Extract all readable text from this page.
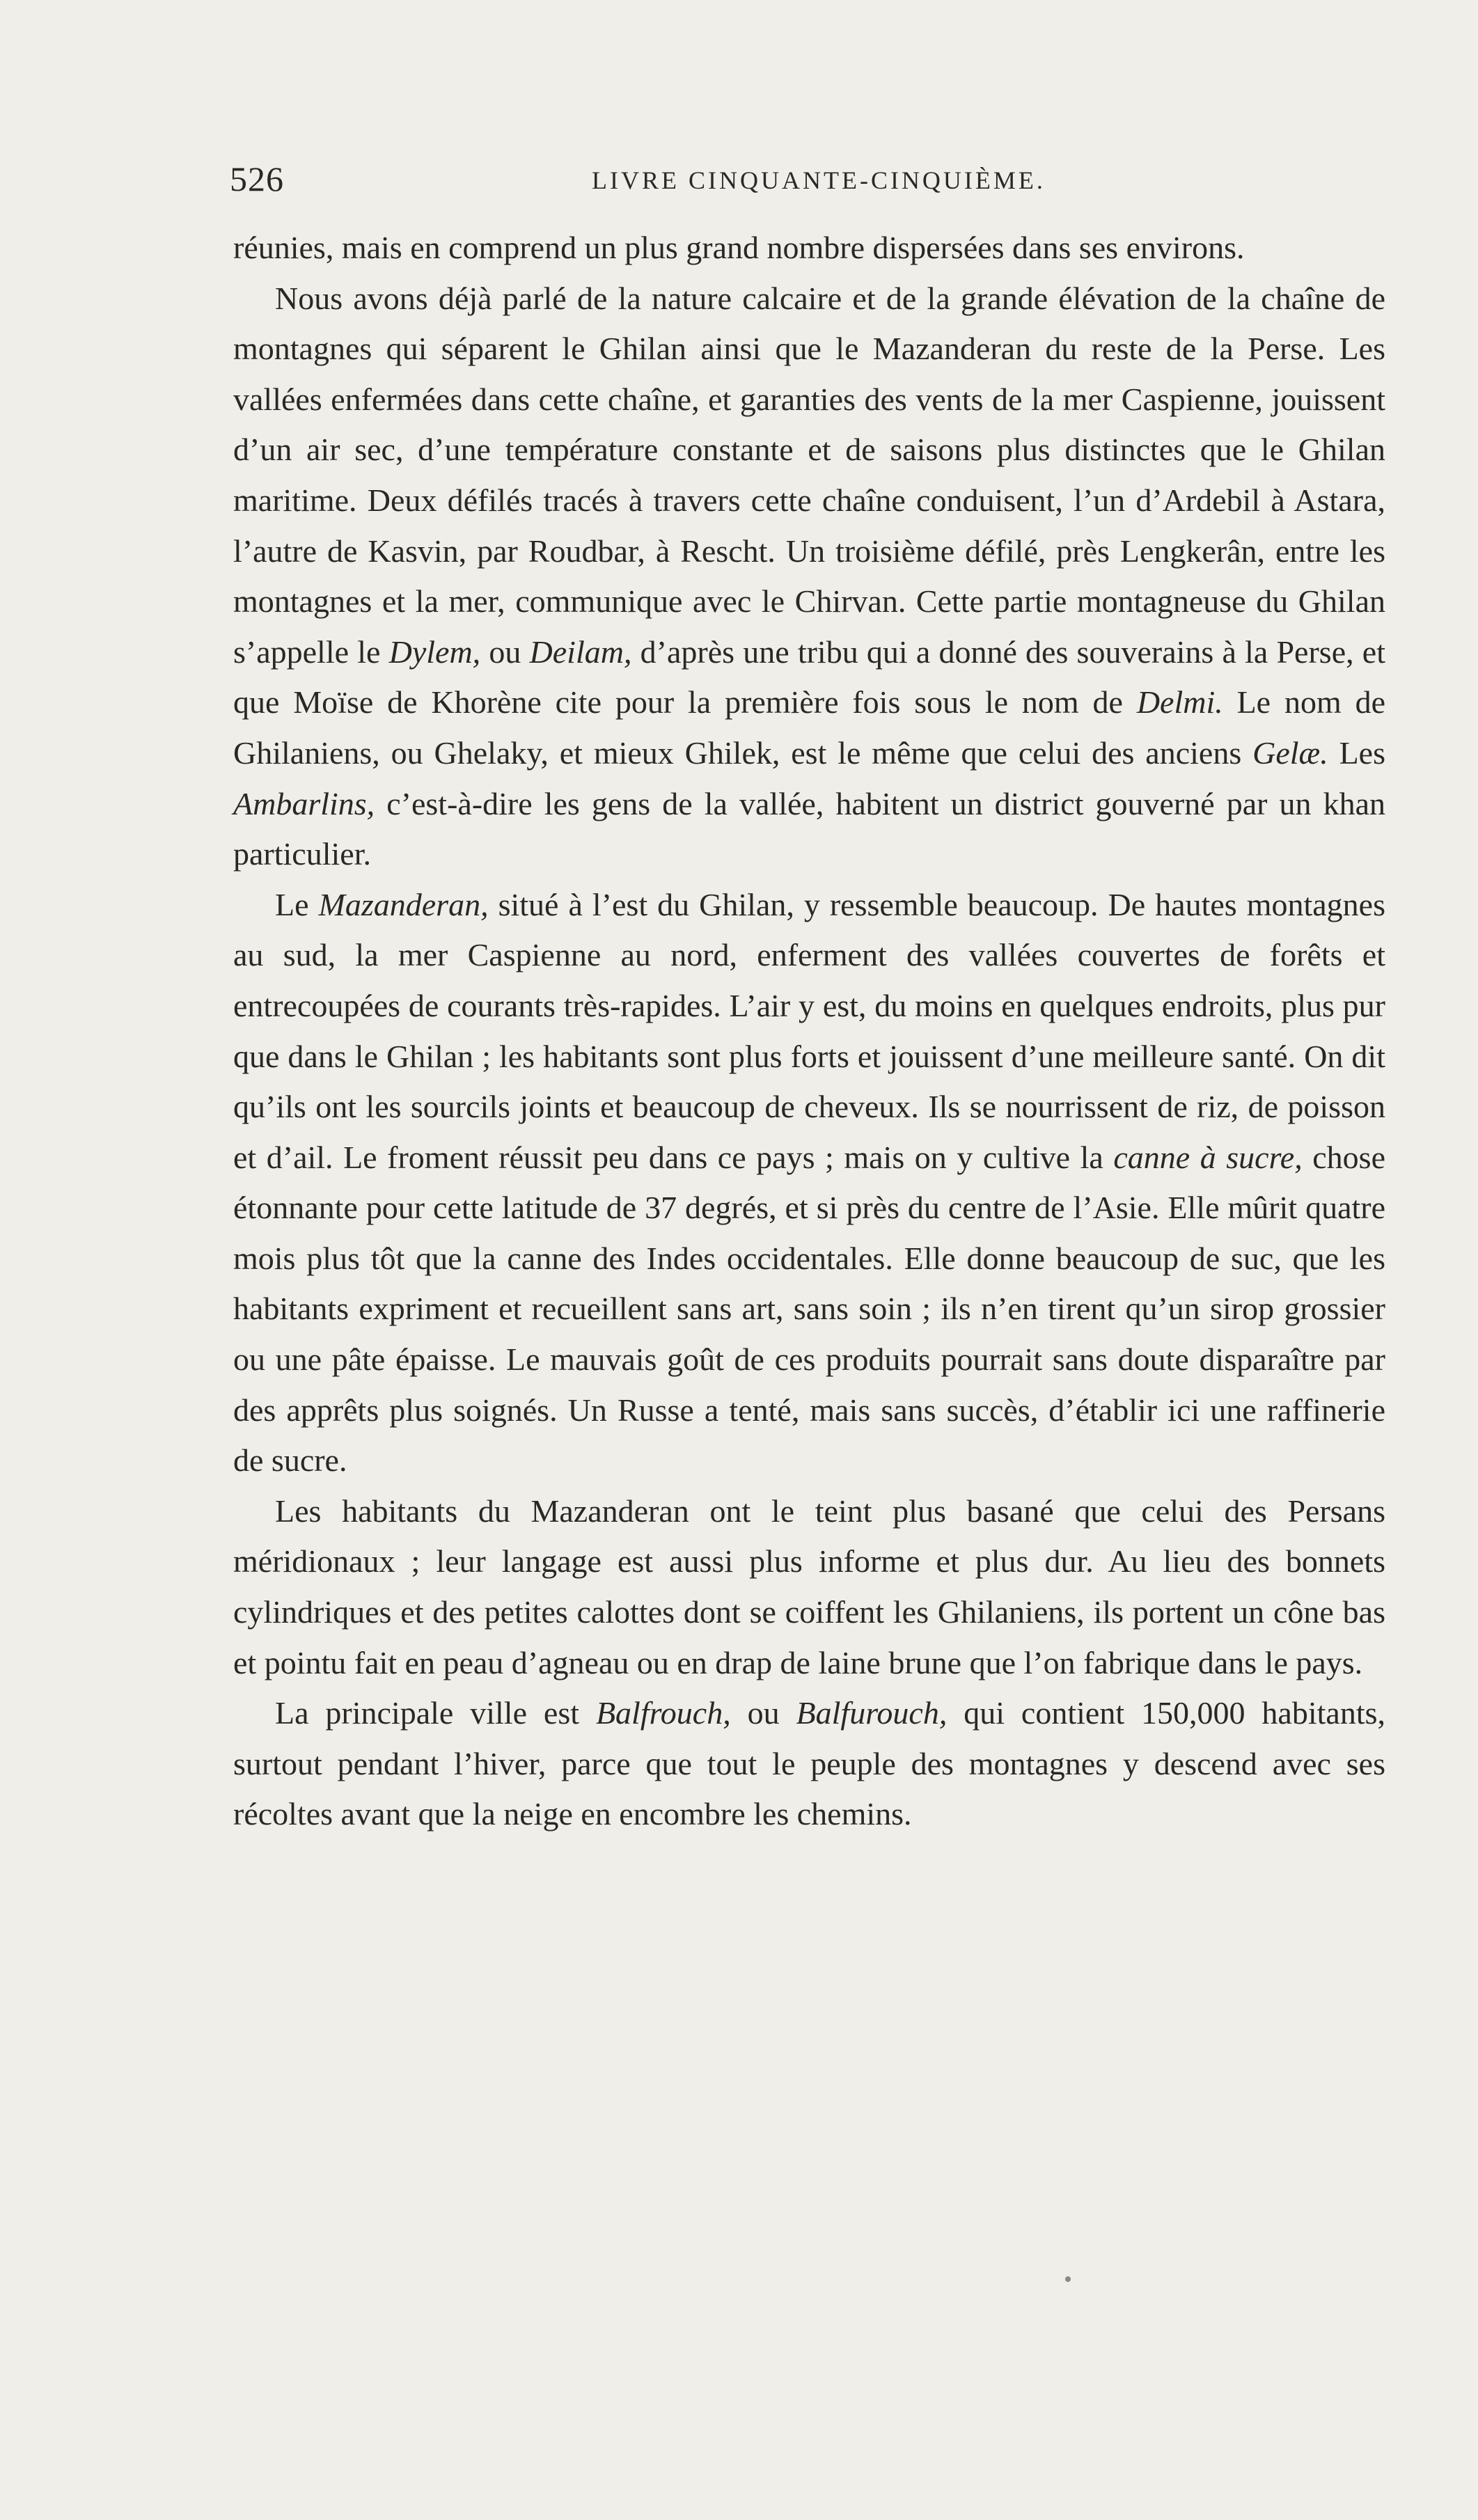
526	LIVRE CINQUANTE-CINQUIÈME.

réunies, mais en comprend un plus grand nombre dispersées dans ses environs.

Nous avons déjà parlé de la nature calcaire et de la grande élévation de la chaîne de montagnes qui séparent le Ghilan ainsi que le Mazanderan du reste de la Perse. Les vallées enfermées dans cette chaîne, et garanties des vents de la mer Caspienne, jouissent d’un air sec, d’une température constante et de saisons plus distinctes que le Ghilan maritime. Deux défilés tracés à travers cette chaîne conduisent, l’un d’Ardebil à Astara, l’autre de Kasvin, par Roudbar, à Rescht. Un troisième défilé, près Lengkerân, entre les montagnes et la mer, communique avec le Chirvan. Cette partie montagneuse du Ghilan s’appelle le Dylem, ou Deilam, d’après une tribu qui a donné des souverains à la Perse, et que Moïse de Khorène cite pour la première fois sous le nom de Delmi. Le nom de Ghilaniens, ou Ghelaky, et mieux Ghilek, est le même que celui des anciens Gelæ. Les Ambarlins, c’est-à-dire les gens de la vallée, habitent un district gouverné par un khan particulier.

Le Mazanderan, situé à l’est du Ghilan, y ressemble beaucoup. De hautes montagnes au sud, la mer Caspienne au nord, enferment des vallées couvertes de forêts et entrecoupées de courants très-rapides. L’air y est, du moins en quelques endroits, plus pur que dans le Ghilan ; les habitants sont plus forts et jouissent d’une meilleure santé. On dit qu’ils ont les sourcils joints et beaucoup de cheveux. Ils se nourrissent de riz, de poisson et d’ail. Le froment réussit peu dans ce pays ; mais on y cultive la canne à sucre, chose étonnante pour cette latitude de 37 degrés, et si près du centre de l’Asie. Elle mûrit quatre mois plus tôt que la canne des Indes occidentales. Elle donne beaucoup de suc, que les habitants expriment et recueillent sans art, sans soin ; ils n’en tirent qu’un sirop grossier ou une pâte épaisse. Le mauvais goût de ces produits pourrait sans doute disparaître par des apprêts plus soignés. Un Russe a tenté, mais sans succès, d’établir ici une raffinerie de sucre.

Les habitants du Mazanderan ont le teint plus basané que celui des Persans méridionaux ; leur langage est aussi plus informe et plus dur. Au lieu des bonnets cylindriques et des petites calottes dont se coiffent les Ghilaniens, ils portent un cône bas et pointu fait en peau d’agneau ou en drap de laine brune que l’on fabrique dans le pays.

La principale ville est Balfrouch, ou Balfurouch, qui contient 150,000 habitants, surtout pendant l’hiver, parce que tout le peuple des montagnes y descend avec ses récoltes avant que la neige en encombre les chemins.
